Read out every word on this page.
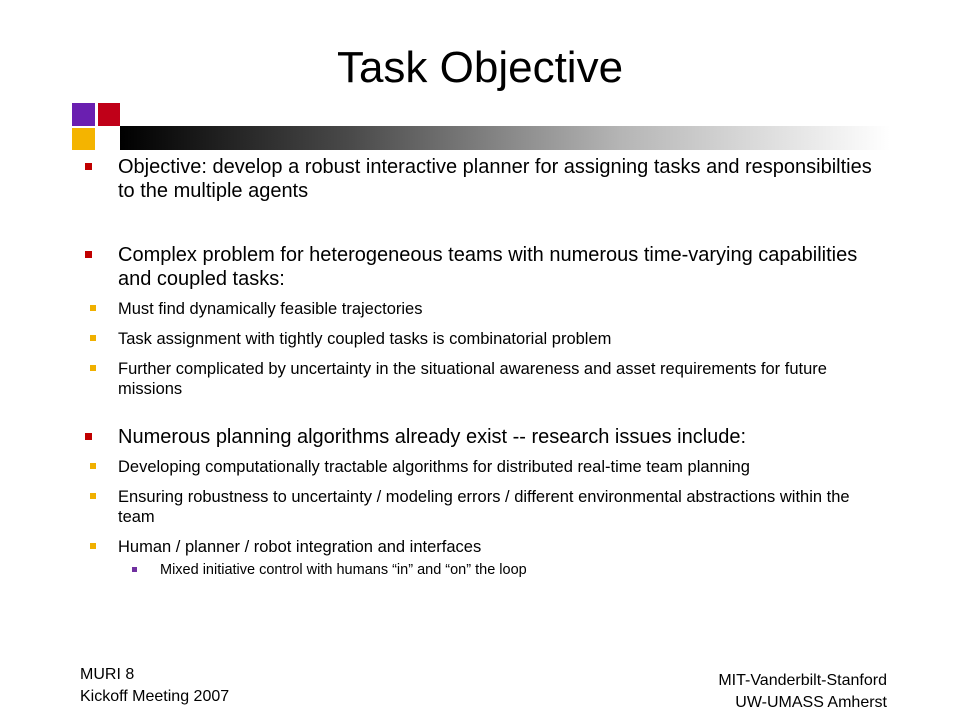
Task Objective
Objective: develop a robust interactive planner for assigning tasks and responsibilties to the multiple agents
Complex problem for heterogeneous teams with numerous time-varying capabilities and coupled tasks:
Must find dynamically feasible trajectories
Task assignment with tightly coupled tasks is combinatorial problem
Further complicated by uncertainty in the situational awareness and asset requirements for future missions
Numerous planning algorithms already exist -- research issues include:
Developing computationally tractable algorithms for distributed real-time team planning
Ensuring robustness to uncertainty / modeling errors / different environmental abstractions within the team
Human / planner / robot integration and interfaces
Mixed initiative control with humans “in” and “on” the loop
MURI 8
Kickoff Meeting 2007
MIT-Vanderbilt-Stanford
UW-UMASS Amherst
